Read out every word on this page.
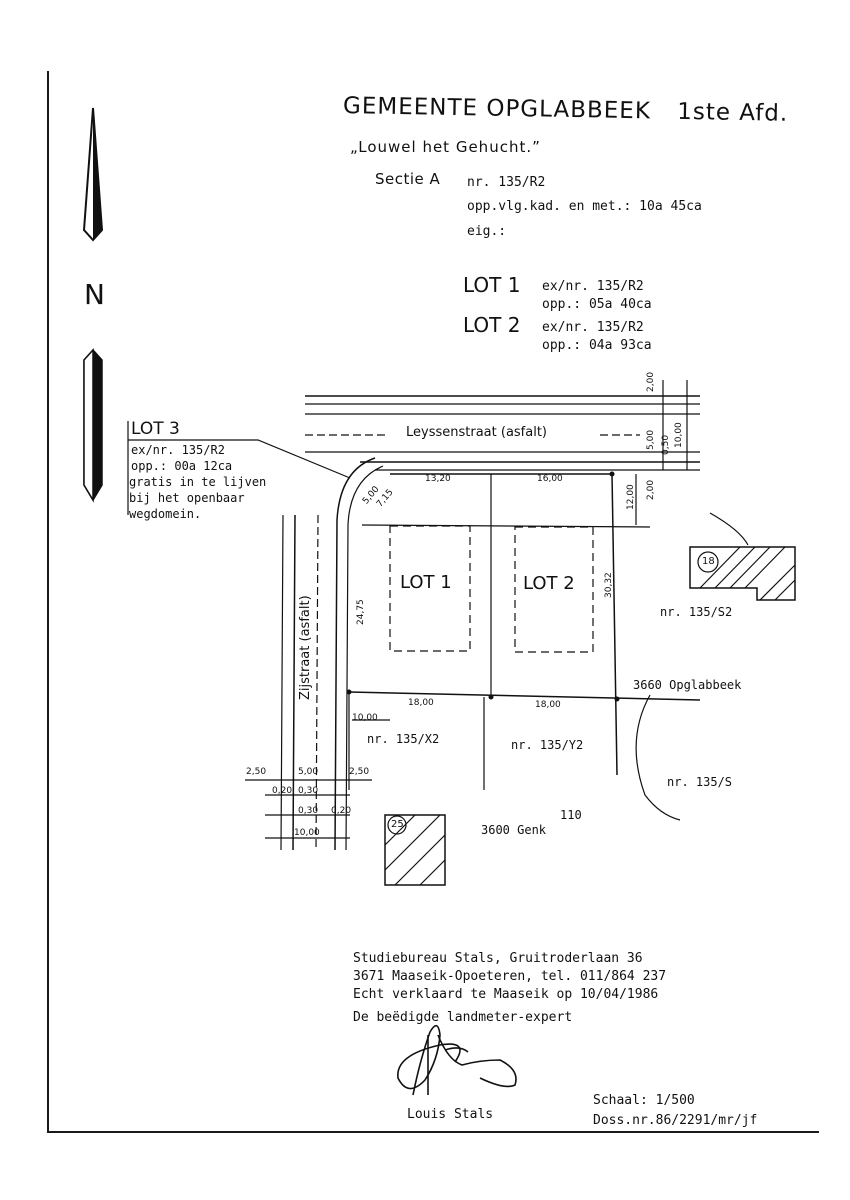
GEMEENTE OPGLABBEEK 1ste Afd.
„Louwel het Gehucht.”
Sectie A nr. 135/R2
opp.vlg.kad. en met.: 10a 45ca
eig.:
LOT 1 ex/nr. 135/R2
opp.: 05a 40ca
LOT 2 ex/nr. 135/R2
opp.: 04a 93ca
N
LOT 3
ex/nr. 135/R2
opp.: 00a 12ca
gratis in te lijven
bij het openbaar
wegdomein.
Leyssenstraat (asfalt)
Zijstraat (asfalt)
LOT 1	LOT 2
13,20	16,00
18,00	18,00
24,75
30,32
12,00
5,00
7,15
10,00
2,50	5,00	2,50
0,20 0,30
0,30 0,20
10,00
2,00
5,00 0,50 10,00
2,00
nr. 135/S2
nr. 135/X2	nr. 135/Y2
nr. 135/S
110
18
25
3660 Opglabbeek
3600 Genk
Studiebureau Stals, Gruitroderlaan 36
3671 Maaseik-Opoeteren, tel. 011/864 237
Echt verklaard te Maaseik op 10/04/1986
De beëdigde landmeter-expert
Louis Stals
Schaal: 1/500
Doss.nr.86/2291/mr/jf
